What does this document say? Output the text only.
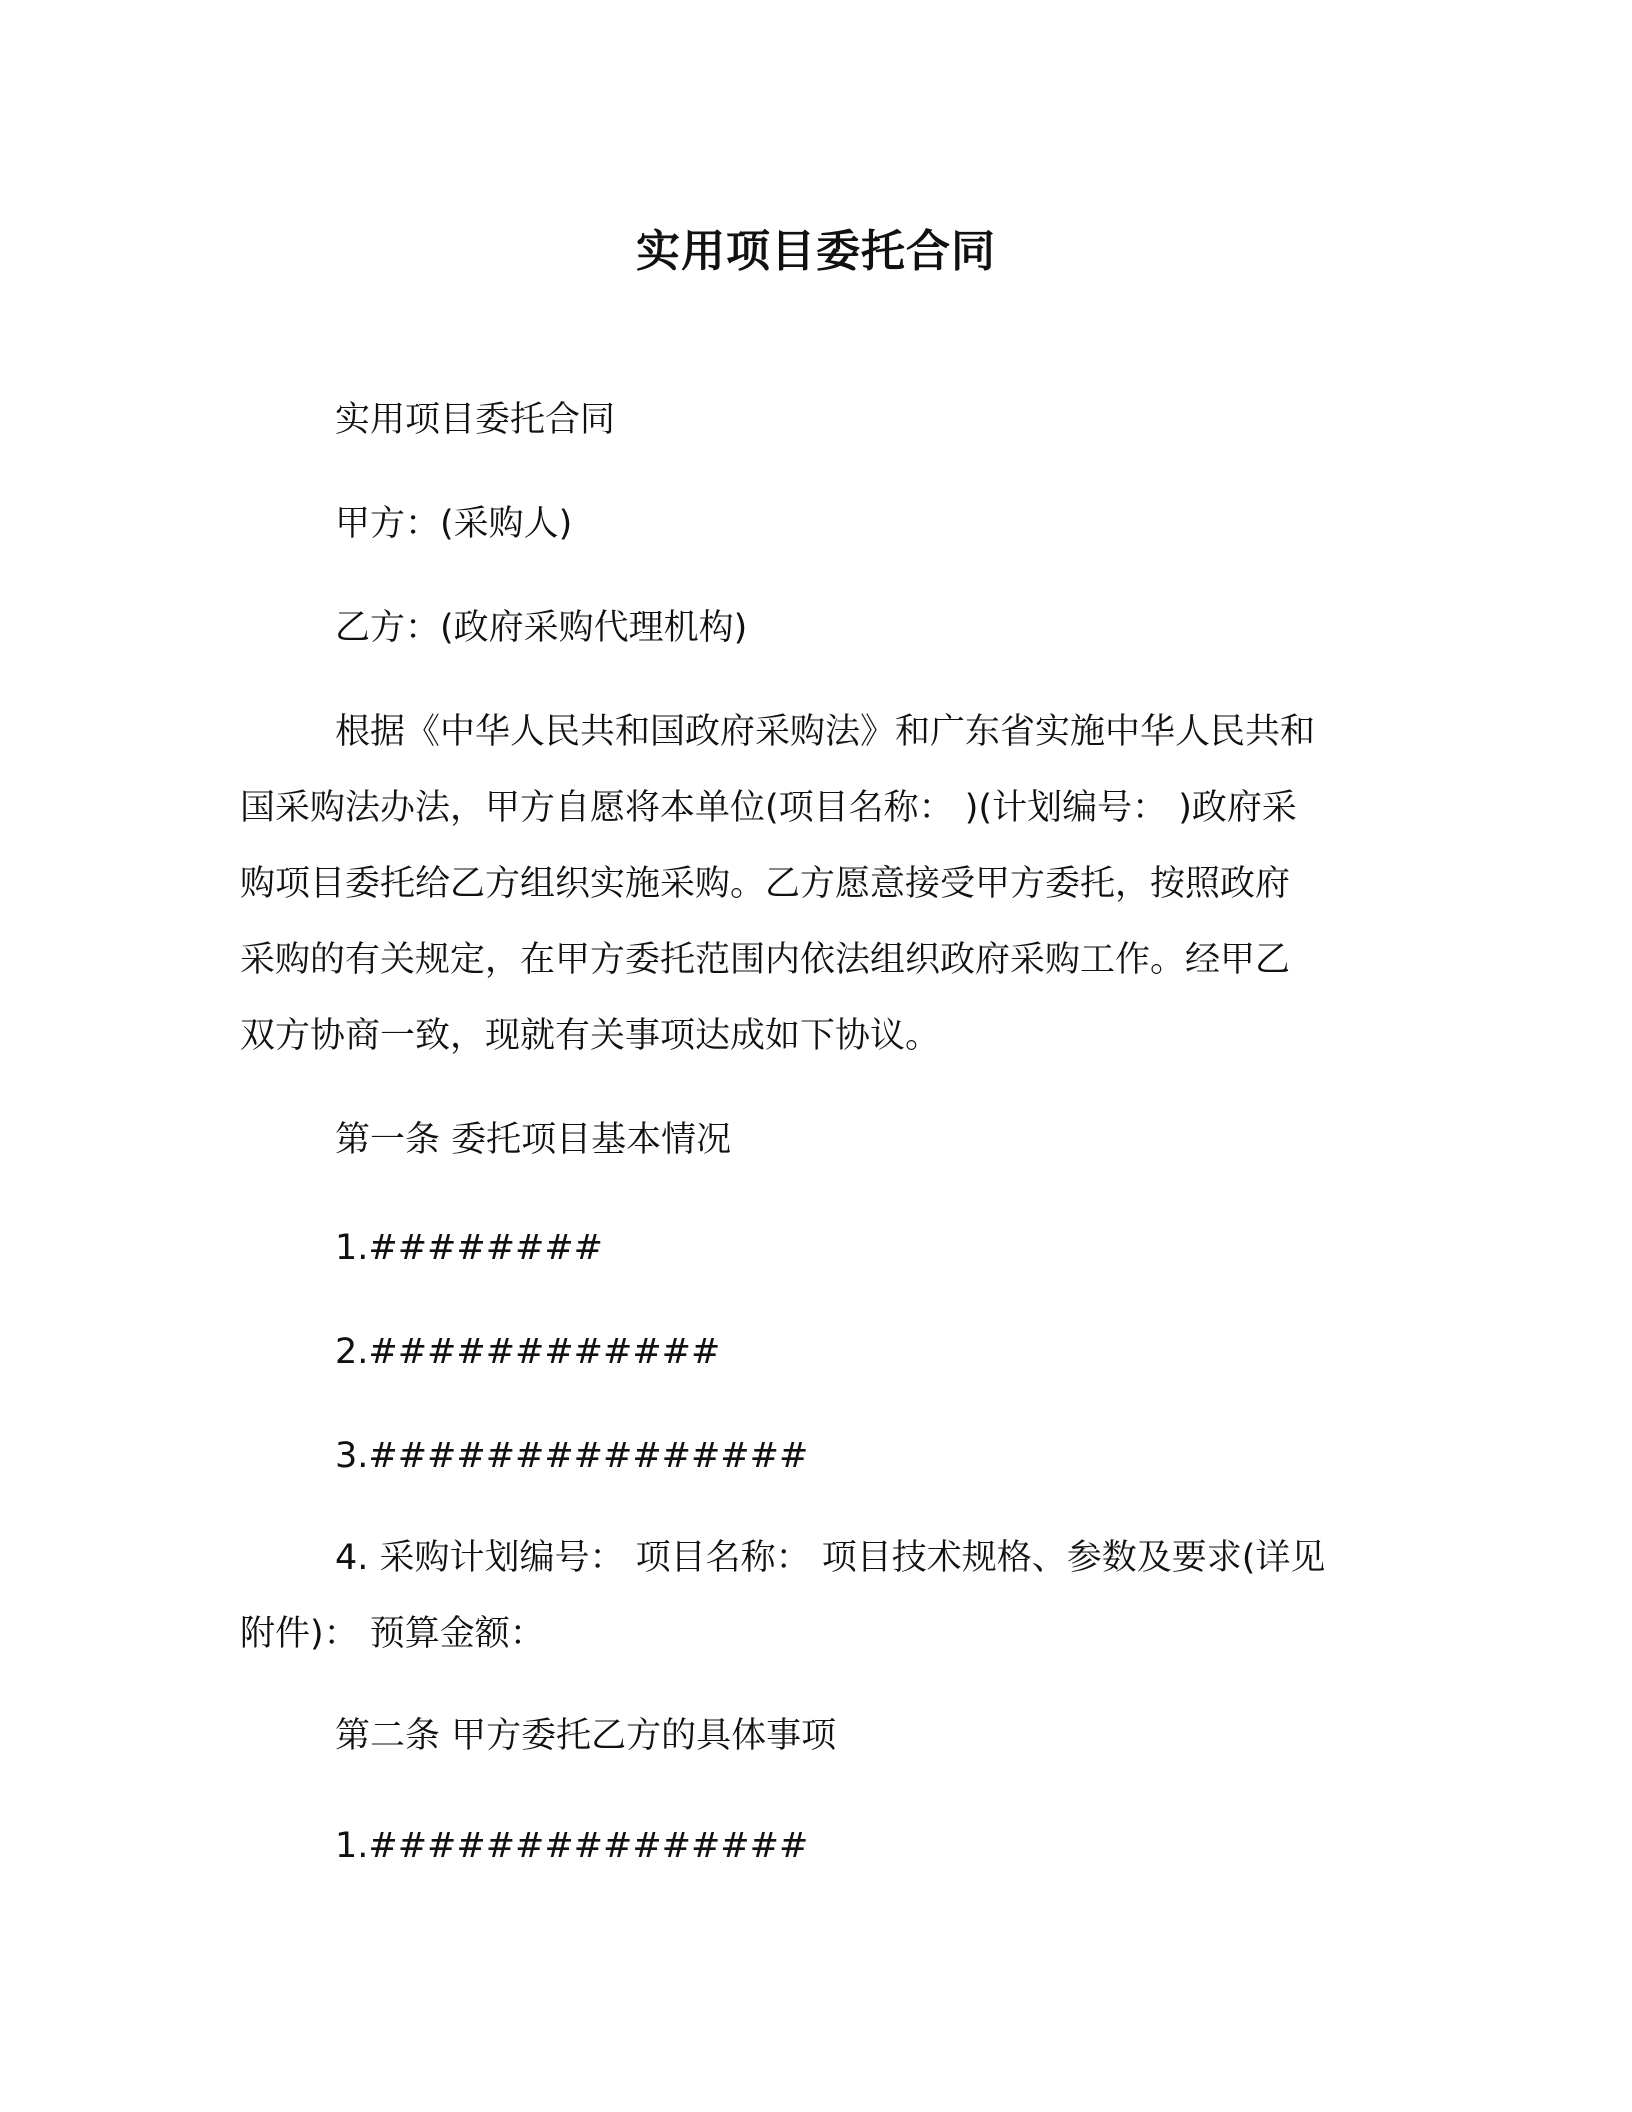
实用项目委托合同
实用项目委托合同
甲方：(采购人)
乙方：(政府采购代理机构)
根据《中华人民共和国政府采购法》和广东省实施中华人民共和
国采购法办法，甲方自愿将本单位(项目名称： )(计划编号： )政府采
购项目委托给乙方组织实施采购。乙方愿意接受甲方委托，按照政府
采购的有关规定，在甲方委托范围内依法组织政府采购工作。经甲乙
双方协商一致，现就有关事项达成如下协议。
第一条 委托项目基本情况
1.########
2.############
3.###############
4. 采购计划编号： 项目名称： 项目技术规格、参数及要求(详见
附件)： 预算金额：
第二条 甲方委托乙方的具体事项
1.###############
